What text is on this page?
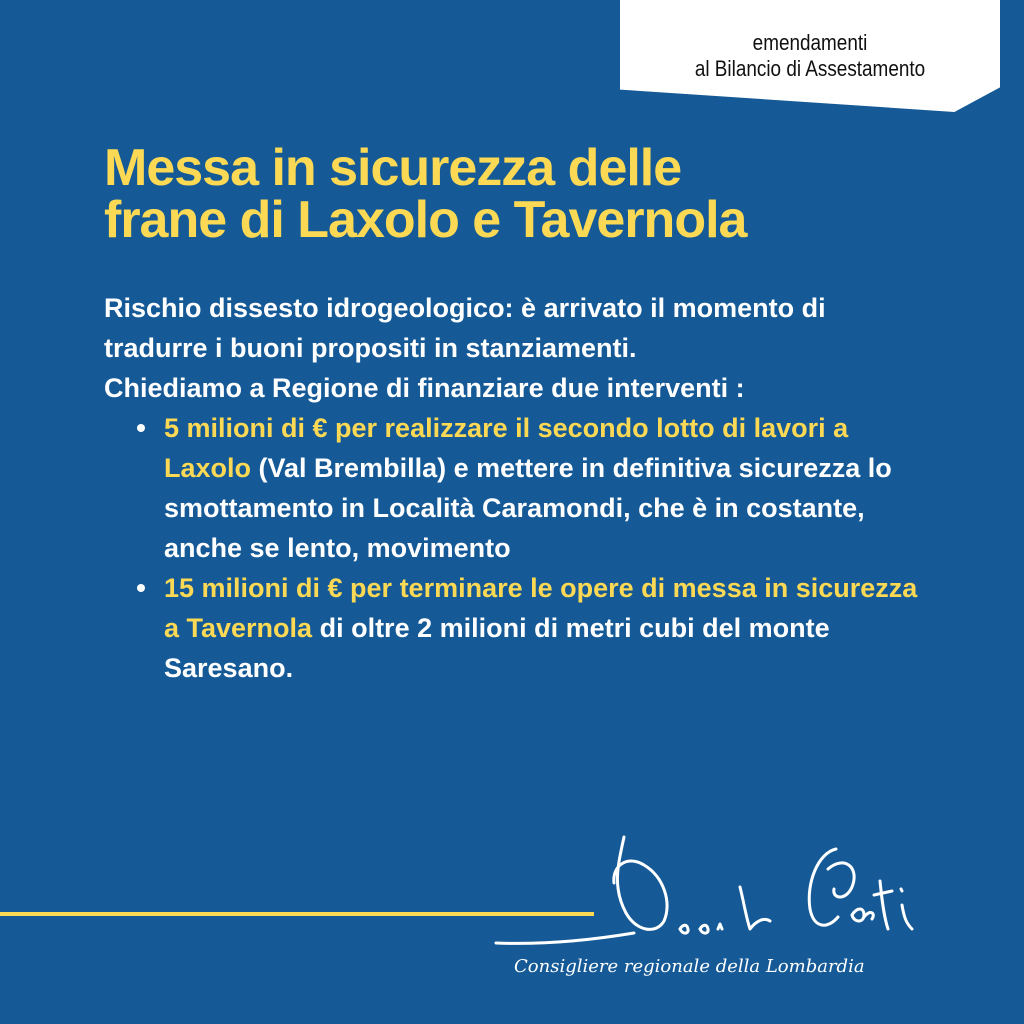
emendamenti
al Bilancio di Assestamento
Messa in sicurezza delle
frane di Laxolo e Tavernola

Rischio dissesto idrogeologico: è arrivato il momento di tradurre i buoni propositi in stanziamenti.

Chiediamo a Regione di finanziare due interventi :

5 milioni di € per realizzare il secondo lotto di lavori a Laxolo (Val Brembilla) e mettere in definitiva sicurezza lo smottamento in Località Caramondi, che è in costante, anche se lento, movimento
15 milioni di € per terminare le opere di messa in sicurezza a Tavernola di oltre 2 milioni di metri cubi del monte Saresano.
Consigliere regionale della Lombardia
